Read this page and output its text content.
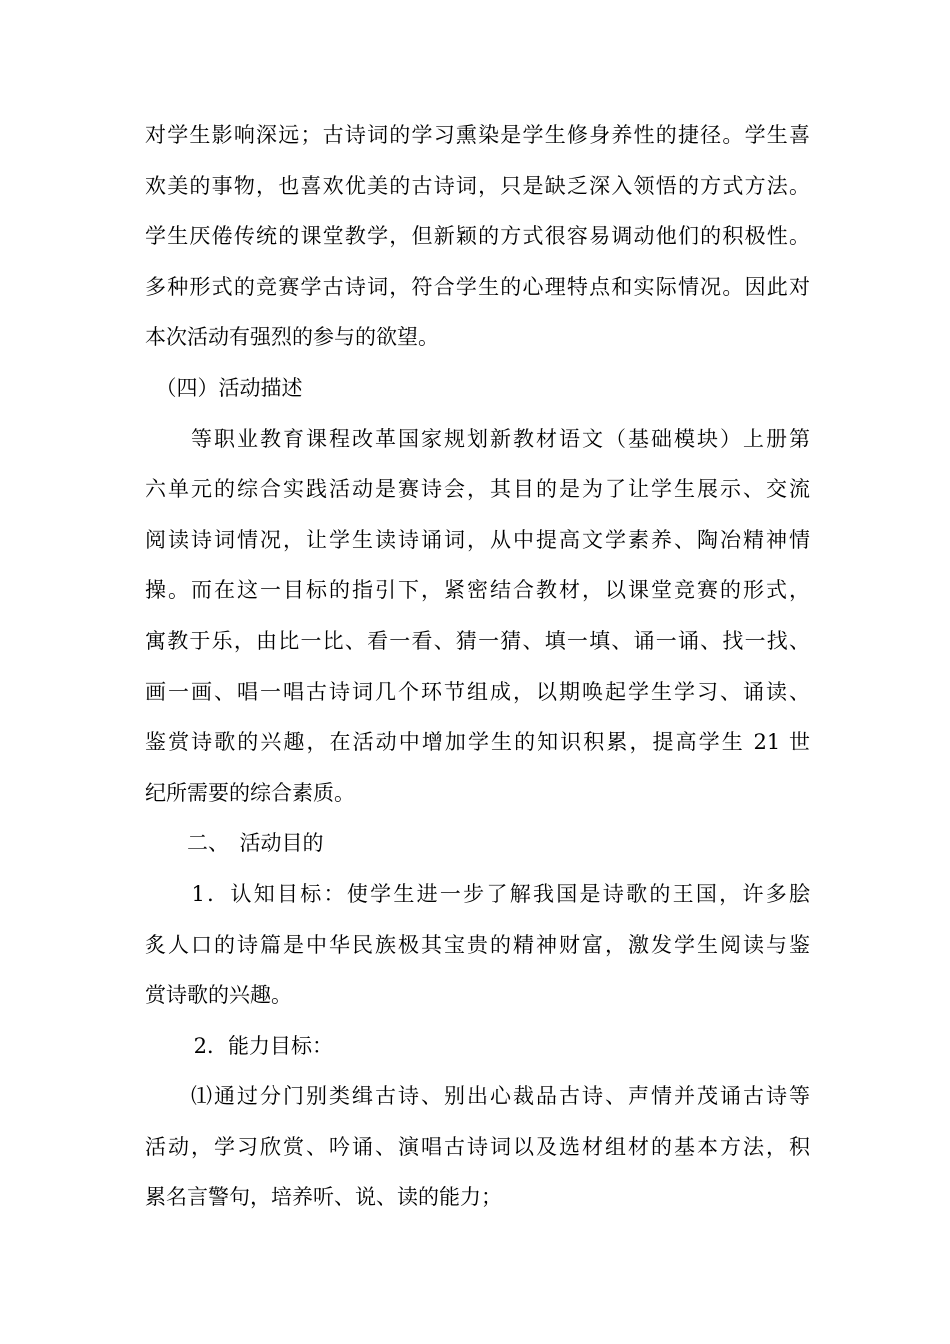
对学生影响深远；古诗词的学习熏染是学生修身养性的捷径。学生喜
欢美的事物，也喜欢优美的古诗词，只是缺乏深入领悟的方式方法。
学生厌倦传统的课堂教学，但新颖的方式很容易调动他们的积极性。
多种形式的竞赛学古诗词，符合学生的心理特点和实际情况。因此对
本次活动有强烈的参与的欲望。
　（四）活动描述
　　等职业教育课程改革国家规划新教材语文（基础模块）上册第
六单元的综合实践活动是赛诗会，其目的是为了让学生展示、交流
阅读诗词情况，让学生读诗诵词，从中提高文学素养、陶冶精神情
操。而在这一目标的指引下，紧密结合教材，以课堂竞赛的形式，
寓教于乐，由比一比、看一看、猜一猜、填一填、诵一诵、找一找、
画一画、唱一唱古诗词几个环节组成，以期唤起学生学习、诵读、
鉴赏诗歌的兴趣，在活动中增加学生的知识积累，提高学生 21 世
纪所需要的综合素质。
　　二、　活动目的
　　1．认知目标：使学生进一步了解我国是诗歌的王国，许多脍
炙人口的诗篇是中华民族极其宝贵的精神财富，激发学生阅读与鉴
赏诗歌的兴趣。
　　 2．能力目标：
　　⑴通过分门别类缉古诗、别出心裁品古诗、声情并茂诵古诗等
活动，学习欣赏、吟诵、演唱古诗词以及选材组材的基本方法，积
累名言警句，培养听、说、读的能力；
